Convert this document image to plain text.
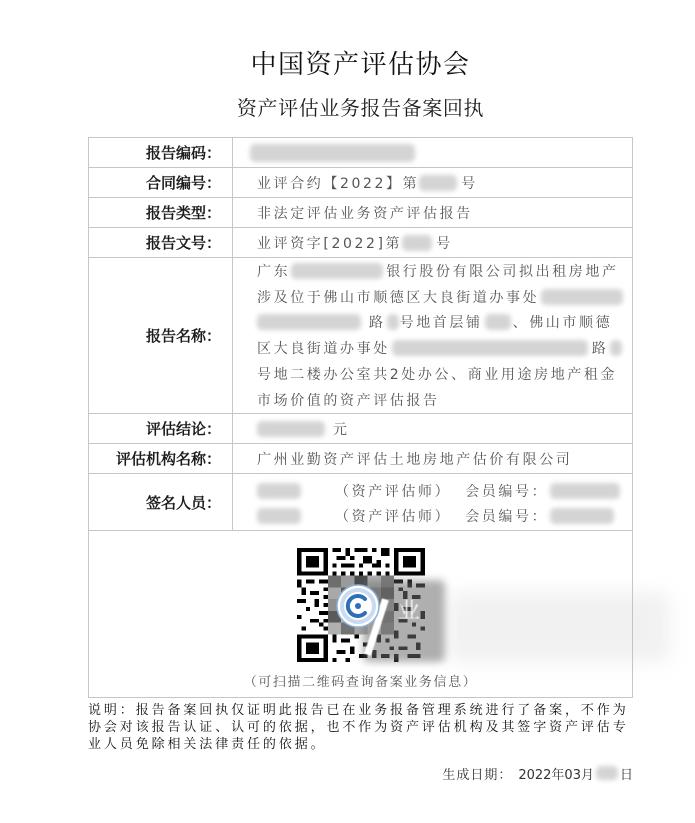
中国资产评估协会
资产评估业务报告备案回执
报告编码：
合同编号：	业评合约【2022】第	号
报告类型：	非法定评估业务资产评估报告
报告文号：	业评资字[2022]第 号
报告名称：
广东	银行股份有限公司拟出租房地产
涉及位于佛山市顺德区大良街道办事处
路 号地首层铺 、佛山市顺德
区大良街道办事处	路
号地二楼办公室共2处办公、商业用途房地产租金
市场价值的资产评估报告
评估结论：	元
评估机构名称：	广州业勤资产评估土地房地产估价有限公司
签名人员：
（资产评估师） 会员编号：
（资产评估师） 会员编号：
业
（可扫描二维码查询备案业务信息）
说明：报告备案回执仅证明此报告已在业务报备管理系统进行了备案，不作为
协会对该报告认证、认可的依据，也不作为资产评估机构及其签字资产评估专
业人员免除相关法律责任的依据。
生成日期： 2022年03月 日
